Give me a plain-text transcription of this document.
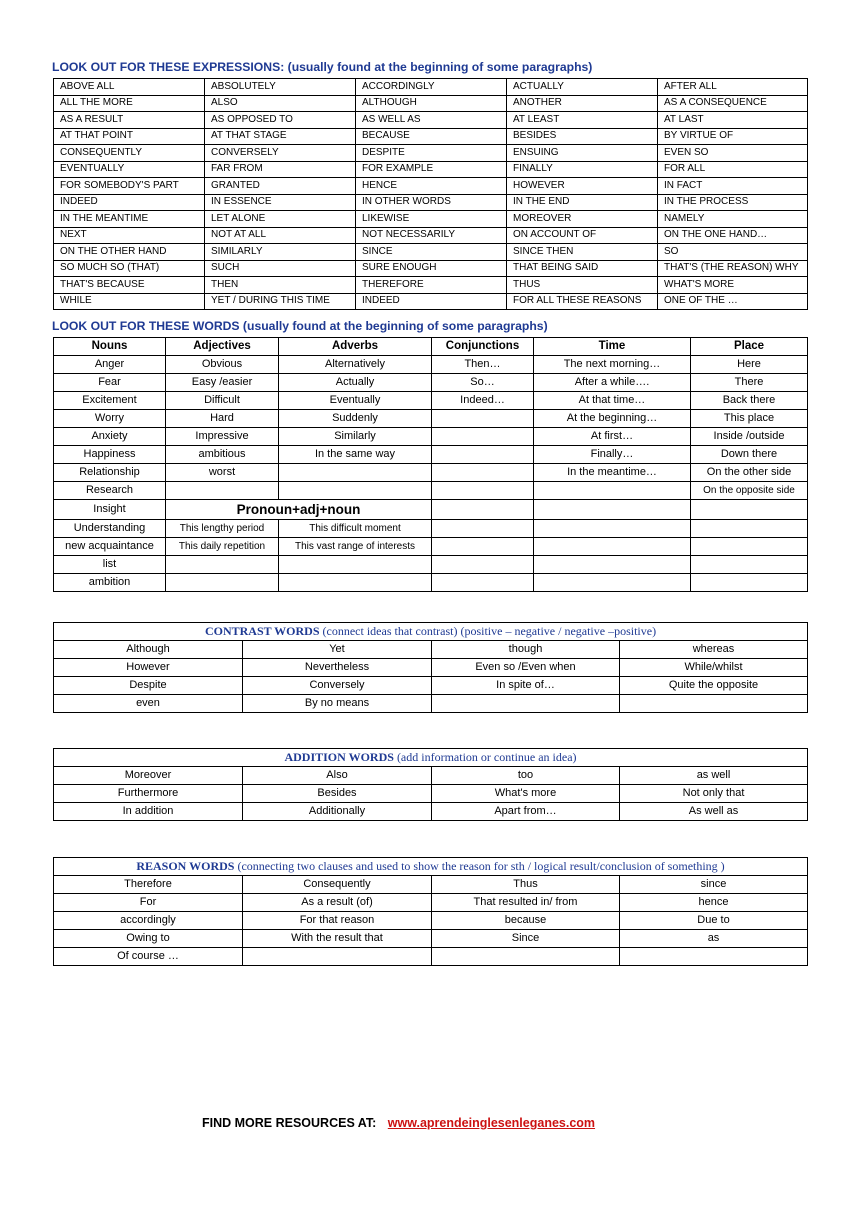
LOOK OUT FOR THESE EXPRESSIONS: (usually found at the beginning of some paragraphs)
ABOVE ALL	ABSOLUTELY	ACCORDINGLY	ACTUALLY	AFTER ALL
ALL THE MORE	ALSO	ALTHOUGH	ANOTHER	AS A CONSEQUENCE
AS A RESULT	AS OPPOSED TO	AS WELL AS	AT LEAST	AT LAST
AT THAT POINT	AT THAT STAGE	BECAUSE	BESIDES	BY VIRTUE OF
CONSEQUENTLY	CONVERSELY	DESPITE	ENSUING	EVEN SO
EVENTUALLY	FAR FROM	FOR EXAMPLE	FINALLY	FOR ALL
FOR SOMEBODY'S PART	GRANTED	HENCE	HOWEVER	IN FACT
INDEED	IN ESSENCE	IN OTHER WORDS	IN THE END	IN THE PROCESS
IN THE MEANTIME	LET ALONE	LIKEWISE	MOREOVER	NAMELY
NEXT	NOT AT ALL	NOT NECESSARILY	ON ACCOUNT OF	ON THE ONE HAND…
ON THE OTHER HAND	SIMILARLY	SINCE	SINCE THEN	SO
SO MUCH SO (THAT)	SUCH	SURE ENOUGH	THAT BEING SAID	THAT'S (THE REASON) WHY
THAT'S BECAUSE	THEN	THEREFORE	THUS	WHAT'S MORE
WHILE	YET / DURING THIS TIME	INDEED	FOR ALL THESE REASONS	ONE OF THE …
LOOK OUT FOR THESE WORDS (usually found at the beginning of some paragraphs)
Nouns	Adjectives	Adverbs	Conjunctions	Time	Place
Anger	Obvious	Alternatively	Then…	The next morning…	Here
Fear	Easy /easier	Actually	So…	After a while….	There
Excitement	Difficult	Eventually	Indeed…	At that time…	Back there
Worry	Hard	Suddenly		At the beginning…	This place
Anxiety	Impressive	Similarly		At first…	Inside /outside
Happiness	ambitious	In the same way		Finally…	Down there
Relationship	worst			In the meantime…	On the other side
Research					On the opposite side
Insight	Pronoun+adj+noun				
Understanding	This lengthy period	This difficult moment			
new acquaintance	This daily repetition	This vast range of interests			
list					
ambition					
CONTRAST WORDS (connect ideas that contrast) (positive – negative / negative –positive)			
Although	Yet	though	whereas
However	Nevertheless	Even so /Even when	While/whilst
Despite	Conversely	In spite of…	Quite the opposite
even	By no means		
ADDITION WORDS (add information or continue an idea)			
Moreover	Also	too	as well
Furthermore	Besides	What's more	Not only that
In addition	Additionally	Apart from…	As well as
REASON WORDS (connecting two clauses and used to show the reason for sth / logical result/conclusion of something )			
Therefore	Consequently	Thus	since
For	As a result (of)	That resulted in/ from	hence
accordingly	For that reason	because	Due to
Owing to	With the result that	Since	as
Of course …			
FIND MORE RESOURCES AT: www.aprendeinglesenleganes.com
